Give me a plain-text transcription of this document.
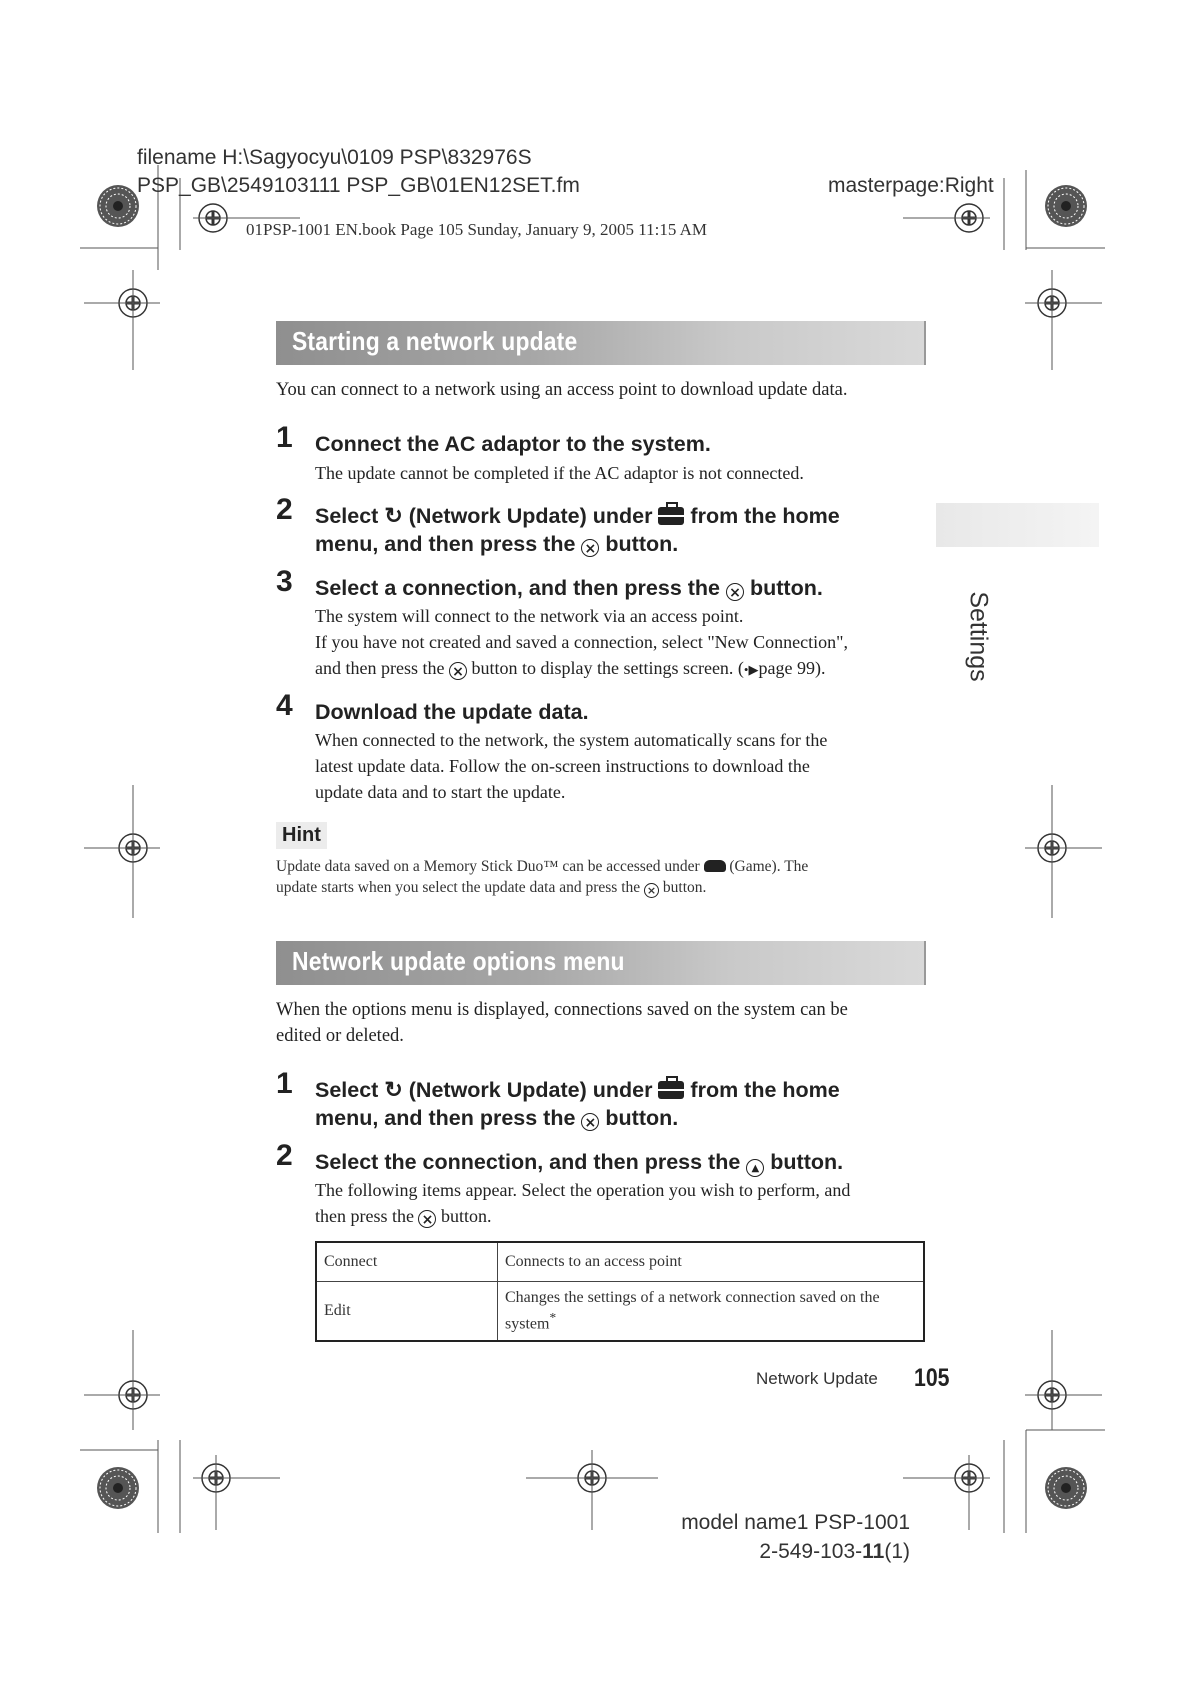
filename H:\Sagyocyu\0109 PSP\832976S
PSP_GB\2549103111 PSP_GB\01EN12SET.fm	masterpage:Right
01PSP-1001 EN.book Page 105 Sunday, January 9, 2005 11:15 AM
Starting a network update
You can connect to a network using an access point to download update data.
1 Connect the AC adaptor to the system.
The update cannot be completed if the AC adaptor is not connected.
2 Select ↻ (Network Update) under from the home
menu, and then press the × button.
3 Select a connection, and then press the × button.
The system will connect to the network via an access point.
If you have not created and saved a connection, select "New Connection",
and then press the × button to display the settings screen. (•▶page 99).
4 Download the update data.
When connected to the network, the system automatically scans for the
latest update data. Follow the on-screen instructions to download the
update data and to start the update.
Hint
Update data saved on a Memory Stick Duo™ can be accessed under (Game). The
update starts when you select the update data and press the × button.
Network update options menu
When the options menu is displayed, connections saved on the system can be
edited or deleted.
1 Select ↻ (Network Update) under from the home
menu, and then press the × button.
2 Select the connection, and then press the ▲ button.
The following items appear. Select the operation you wish to perform, and
then press the × button.
Connect	Connects to an access point
Edit	Changes the settings of a network connection saved on the system*
Settings
Network Update 105
model name1 PSP-1001
2-549-103-11(1)
